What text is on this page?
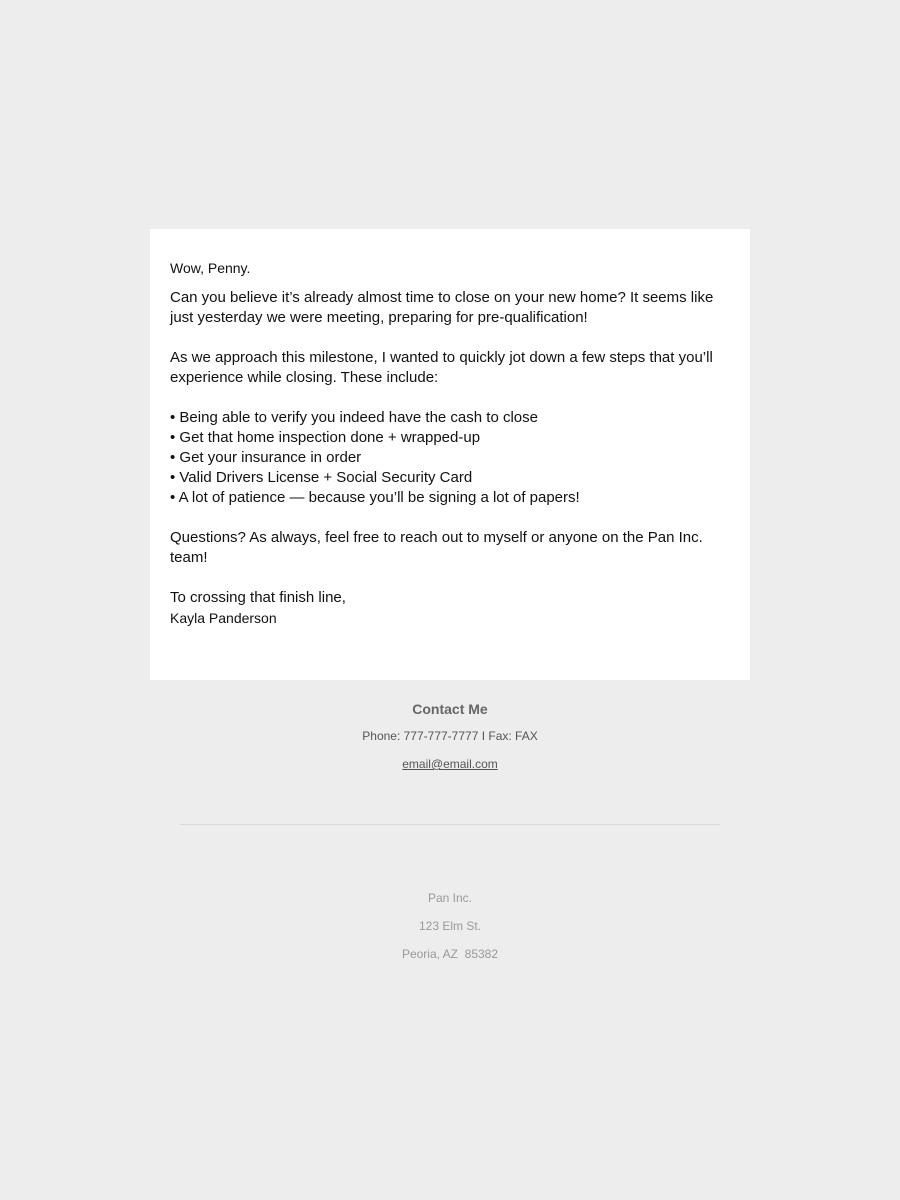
Wow, Penny.

Can you believe it’s already almost time to close on your new home? It seems like just yesterday we were meeting, preparing for pre-qualification!

As we approach this milestone, I wanted to quickly jot down a few steps that you’ll experience while closing. These include:

• Being able to verify you indeed have the cash to close
• Get that home inspection done + wrapped-up
• Get your insurance in order
• Valid Drivers License + Social Security Card
• A lot of patience — because you’ll be signing a lot of papers!

Questions? As always, feel free to reach out to myself or anyone on the Pan Inc. team!

To crossing that finish line,

Kayla Panderson

Contact Me
Phone: 777-777-7777 I Fax: FAX
email@email.com
Pan Inc.
123 Elm St.
Peoria, AZ  85382
